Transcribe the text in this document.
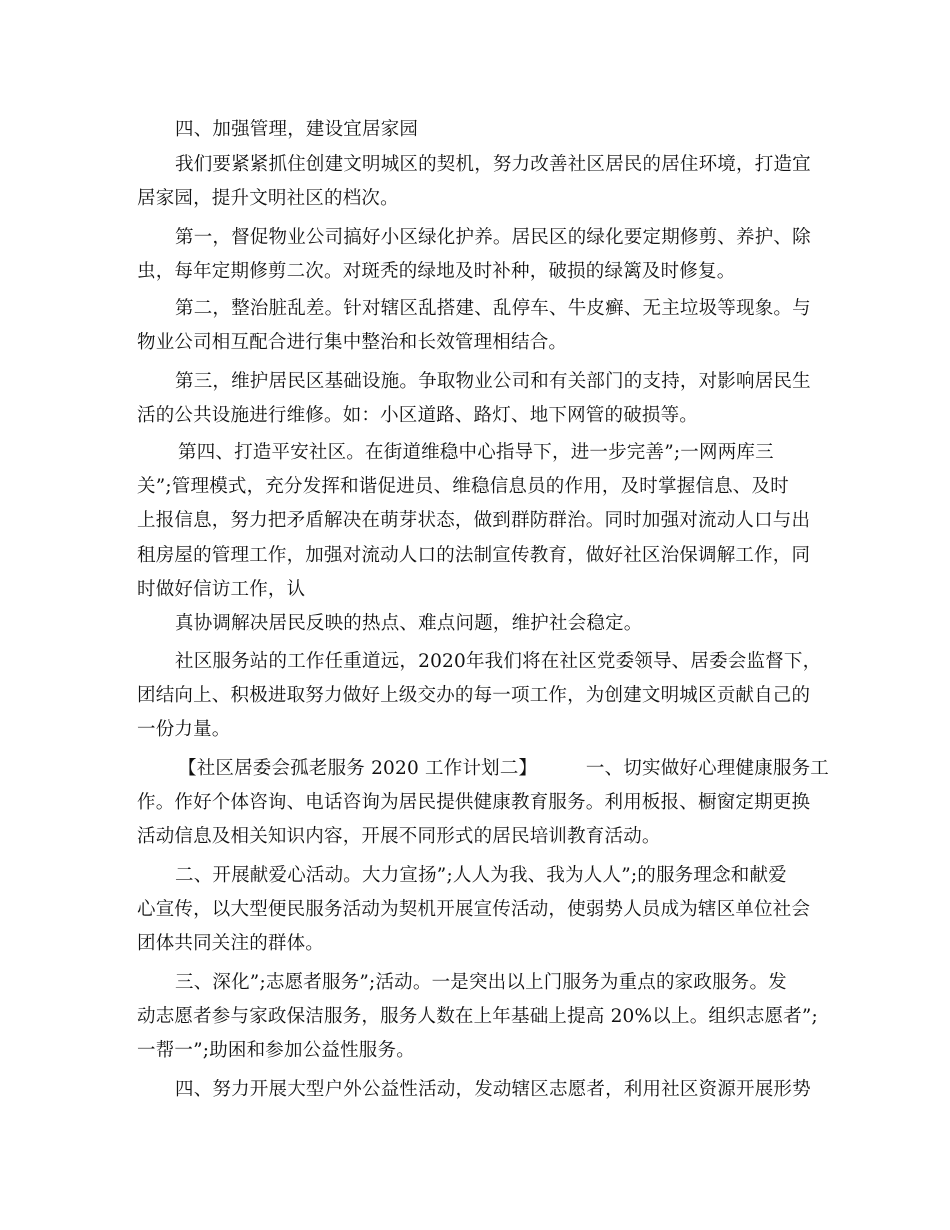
四、加强管理，建设宜居家园
我们要紧紧抓住创建文明城区的契机，努力改善社区居民的居住环境，打造宜
居家园，提升文明社区的档次。
第一，督促物业公司搞好小区绿化护养。居民区的绿化要定期修剪、养护、除
虫，每年定期修剪二次。对斑秃的绿地及时补种，破损的绿篱及时修复。
第二，整治脏乱差。针对辖区乱搭建、乱停车、牛皮癣、无主垃圾等现象。与
物业公司相互配合进行集中整治和长效管理相结合。
第三，维护居民区基础设施。争取物业公司和有关部门的支持，对影响居民生
活的公共设施进行维修。如：小区道路、路灯、地下网管的破损等。
第四、打造平安社区。在街道维稳中心指导下，进一步完善”;一网两库三
关”;管理模式，充分发挥和谐促进员、维稳信息员的作用，及时掌握信息、及时
上报信息，努力把矛盾解决在萌芽状态，做到群防群治。同时加强对流动人口与出
租房屋的管理工作，加强对流动人口的法制宣传教育，做好社区治保调解工作，同
时做好信访工作，认
真协调解决居民反映的热点、难点问题，维护社会稳定。
社区服务站的工作任重道远，2020年我们将在社区党委领导、居委会监督下，
团结向上、积极进取努力做好上级交办的每一项工作，为创建文明城区贡献自己的
一份力量。
【社区居委会孤老服务 2020 工作计划二】        一、切实做好心理健康服务工
作。作好个体咨询、电话咨询为居民提供健康教育服务。利用板报、橱窗定期更换
活动信息及相关知识内容，开展不同形式的居民培训教育活动。
二、开展献爱心活动。大力宣扬”;人人为我、我为人人”;的服务理念和献爱
心宣传，以大型便民服务活动为契机开展宣传活动，使弱势人员成为辖区单位社会
团体共同关注的群体。
三、深化”;志愿者服务”;活动。一是突出以上门服务为重点的家政服务。发
动志愿者参与家政保洁服务，服务人数在上年基础上提高 20%以上。组织志愿者”;
一帮一”;助困和参加公益性服务。
四、努力开展大型户外公益性活动，发动辖区志愿者，利用社区资源开展形势
